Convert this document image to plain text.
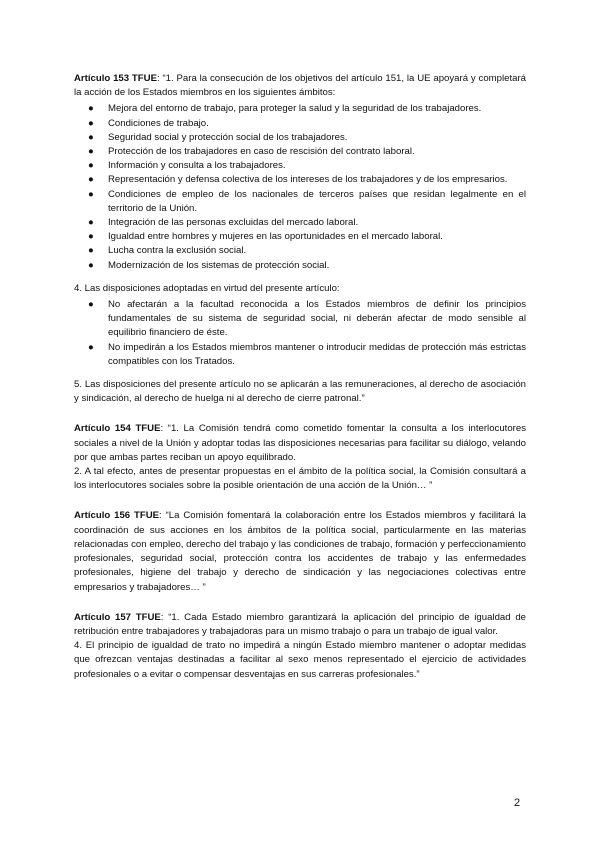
Artículo 153 TFUE: “1. Para la consecución de los objetivos del artículo 151, la UE apoyará y completará la acción de los Estados miembros en los siguientes ámbitos:

● Mejora del entorno de trabajo, para proteger la salud y la seguridad de los trabajadores.
● Condiciones de trabajo.
● Seguridad social y protección social de los trabajadores.
● Protección de los trabajadores en caso de rescisión del contrato laboral.
● Información y consulta a los trabajadores.
● Representación y defensa colectiva de los intereses de los trabajadores y de los empresarios.
● Condiciones de empleo de los nacionales de terceros países que residan legalmente en el territorio de la Unión.
● Integración de las personas excluidas del mercado laboral.
● Igualdad entre hombres y mujeres en las oportunidades en el mercado laboral.
● Lucha contra la exclusión social.
● Modernización de los sistemas de protección social.

4. Las disposiciones adoptadas en virtud del presente artículo:

● No afectarán a la facultad reconocida a los Estados miembros de definir los principios fundamentales de su sistema de seguridad social, ni deberán afectar de modo sensible al equilibrio financiero de éste.
● No impedirán a los Estados miembros mantener o introducir medidas de protección más estrictas compatibles con los Tratados.

5. Las disposiciones del presente artículo no se aplicarán a las remuneraciones, al derecho de asociación y sindicación, al derecho de huelga ni al derecho de cierre patronal.”

Artículo 154 TFUE: “1. La Comisión tendrá como cometido fomentar la consulta a los interlocutores sociales a nivel de la Unión y adoptar todas las disposiciones necesarias para facilitar su diálogo, velando por que ambas partes reciban un apoyo equilibrado.

2. A tal efecto, antes de presentar propuestas en el ámbito de la política social, la Comisión consultará a los interlocutores sociales sobre la posible orientación de una acción de la Unión… ”

Artículo 156 TFUE: “La Comisión fomentará la colaboración entre los Estados miembros y facilitará la coordinación de sus acciones en los ámbitos de la política social, particularmente en las materias relacionadas con empleo, derecho del trabajo y las condiciones de trabajo, formación y perfeccionamiento profesionales, seguridad social, protección contra los accidentes de trabajo y las enfermedades profesionales, higiene del trabajo y derecho de sindicación y las negociaciones colectivas entre empresarios y trabajadores… ”

Artículo 157 TFUE: “1. Cada Estado miembro garantizará la aplicación del principio de igualdad de retribución entre trabajadores y trabajadoras para un mismo trabajo o para un trabajo de igual valor.

4. El principio de igualdad de trato no impedirá a ningún Estado miembro mantener o adoptar medidas que ofrezcan ventajas destinadas a facilitar al sexo menos representado el ejercicio de actividades profesionales o a evitar o compensar desventajas en sus carreras profesionales.”

2
